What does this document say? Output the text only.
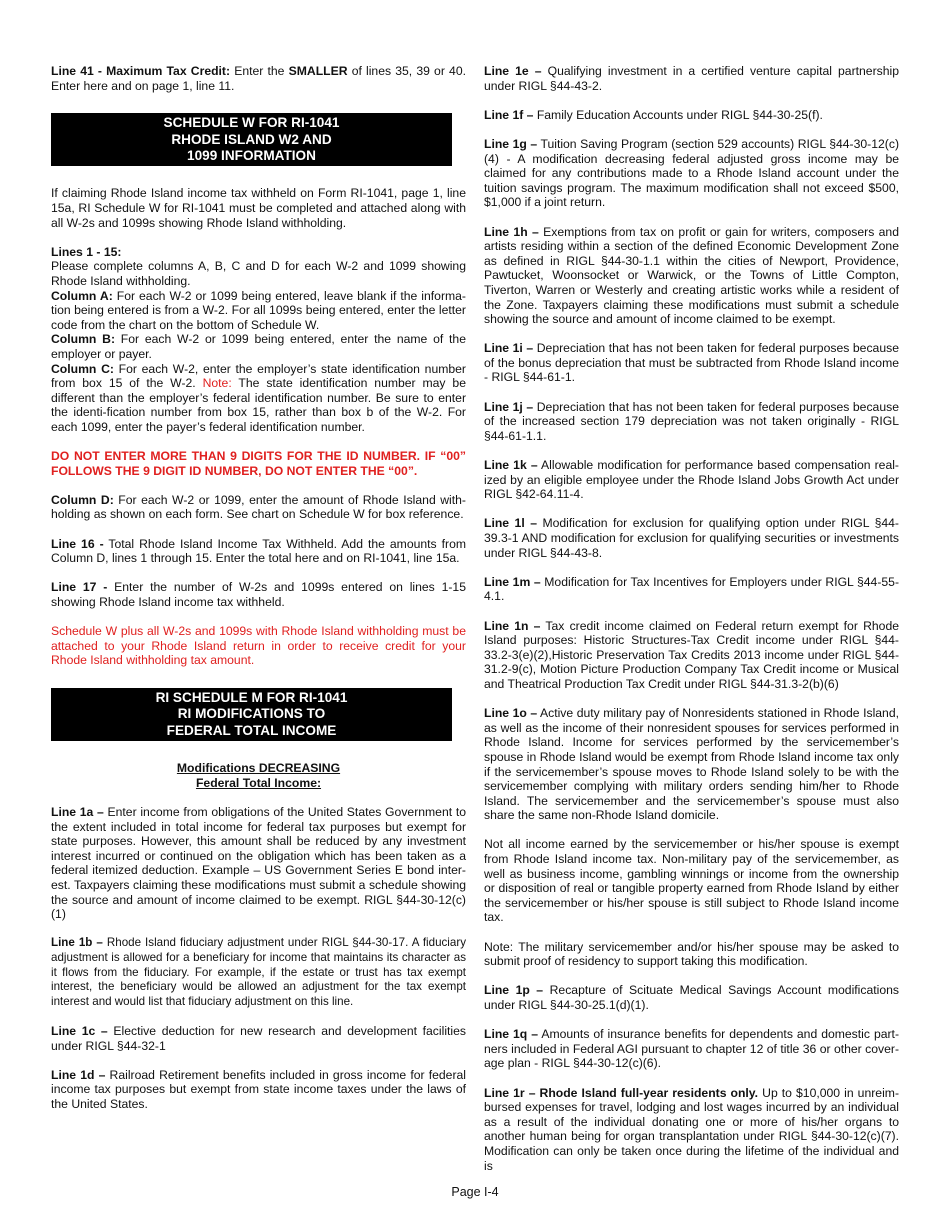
Line 41 - Maximum Tax Credit: Enter the SMALLER of lines 35, 39 or 40. Enter here and on page 1, line 11.

SCHEDULE W FOR RI-1041
RHODE ISLAND W2 AND
1099 INFORMATION

If claiming Rhode Island income tax withheld on Form RI-1041, page 1, line 15a, RI Schedule W for RI-1041 must be completed and attached along with all W-2s and 1099s showing Rhode Island withholding.

Lines 1 - 15:

Please complete columns A, B, C and D for each W-2 and 1099 showing Rhode Island withholding.

Column A: For each W-2 or 1099 being entered, leave blank if the informa-tion being entered is from a W-2. For all 1099s being entered, enter the letter code from the chart on the bottom of Schedule W.

Column B: For each W-2 or 1099 being entered, enter the name of the employer or payer.

Column C: For each W-2, enter the employer’s state identification number from box 15 of the W-2. Note: The state identification number may be different than the employer’s federal identification number. Be sure to enter the identi-fication number from box 15, rather than box b of the W-2. For each 1099, enter the payer’s federal identification number.

DO NOT ENTER MORE THAN 9 DIGITS FOR THE ID NUMBER. IF “00” FOLLOWS THE 9 DIGIT ID NUMBER, DO NOT ENTER THE “00”.

Column D: For each W-2 or 1099, enter the amount of Rhode Island with-holding as shown on each form. See chart on Schedule W for box reference.

Line 16 - Total Rhode Island Income Tax Withheld. Add the amounts from Column D, lines 1 through 15. Enter the total here and on RI-1041, line 15a.

Line 17 - Enter the number of W-2s and 1099s entered on lines 1-15 showing Rhode Island income tax withheld.

Schedule W plus all W-2s and 1099s with Rhode Island withholding must be attached to your Rhode Island return in order to receive credit for your Rhode Island withholding tax amount.

RI SCHEDULE M FOR RI-1041
RI MODIFICATIONS TO
FEDERAL TOTAL INCOME
Modifications DECREASING
Federal Total Income:

Line 1a – Enter income from obligations of the United States Government to the extent included in total income for federal tax purposes but exempt for state purposes. However, this amount shall be reduced by any investment interest incurred or continued on the obligation which has been taken as a federal itemized deduction. Example – US Government Series E bond inter-est. Taxpayers claiming these modifications must submit a schedule showing the source and amount of income claimed to be exempt. RIGL §44-30-12(c)(1)

Line 1b – Rhode Island fiduciary adjustment under RIGL §44-30-17. A fiduciary adjustment is allowed for a beneficiary for income that maintains its character as it flows from the fiduciary. For example, if the estate or trust has tax exempt interest, the beneficiary would be allowed an adjustment for the tax exempt interest and would list that fiduciary adjustment on this line.

Line 1c – Elective deduction for new research and development facilities under RIGL §44-32-1

Line 1d – Railroad Retirement benefits included in gross income for federal income tax purposes but exempt from state income taxes under the laws of the United States.

Line 1e – Qualifying investment in a certified venture capital partnership under RIGL §44-43-2.

Line 1f – Family Education Accounts under RIGL §44-30-25(f).

Line 1g – Tuition Saving Program (section 529 accounts) RIGL §44-30-12(c)(4) - A modification decreasing federal adjusted gross income may be claimed for any contributions made to a Rhode Island account under the tuition savings program. The maximum modification shall not exceed $500, $1,000 if a joint return.

Line 1h – Exemptions from tax on profit or gain for writers, composers and artists residing within a section of the defined Economic Development Zone as defined in RIGL §44-30-1.1 within the cities of Newport, Providence, Pawtucket, Woonsocket or Warwick, or the Towns of Little Compton, Tiverton, Warren or Westerly and creating artistic works while a resident of the Zone. Taxpayers claiming these modifications must submit a schedule showing the source and amount of income claimed to be exempt.

Line 1i – Depreciation that has not been taken for federal purposes because of the bonus depreciation that must be subtracted from Rhode Island income - RIGL §44-61-1.

Line 1j – Depreciation that has not been taken for federal purposes because of the increased section 179 depreciation was not taken originally - RIGL §44-61-1.1.

Line 1k – Allowable modification for performance based compensation real-ized by an eligible employee under the Rhode Island Jobs Growth Act under RIGL §42-64.11-4.

Line 1l – Modification for exclusion for qualifying option under RIGL §44-39.3-1 AND modification for exclusion for qualifying securities or investments under RIGL §44-43-8.

Line 1m – Modification for Tax Incentives for Employers under RIGL §44-55-4.1.

Line 1n – Tax credit income claimed on Federal return exempt for Rhode Island purposes: Historic Structures-Tax Credit income under RIGL §44-33.2-3(e)(2),Historic Preservation Tax Credits 2013 income under RIGL §44-31.2-9(c), Motion Picture Production Company Tax Credit income or Musical and Theatrical Production Tax Credit under RIGL §44-31.3-2(b)(6)

Line 1o – Active duty military pay of Nonresidents stationed in Rhode Island, as well as the income of their nonresident spouses for services performed in Rhode Island. Income for services performed by the servicemember’s spouse in Rhode Island would be exempt from Rhode Island income tax only if the servicemember’s spouse moves to Rhode Island solely to be with the servicemember complying with military orders sending him/her to Rhode Island. The servicemember and the servicemember’s spouse must also share the same non-Rhode Island domicile.

Not all income earned by the servicemember or his/her spouse is exempt from Rhode Island income tax. Non-military pay of the servicemember, as well as business income, gambling winnings or income from the ownership or disposition of real or tangible property earned from Rhode Island by either the servicemember or his/her spouse is still subject to Rhode Island income tax.

Note: The military servicemember and/or his/her spouse may be asked to submit proof of residency to support taking this modification.

Line 1p – Recapture of Scituate Medical Savings Account modifications under RIGL §44-30-25.1(d)(1).

Line 1q – Amounts of insurance benefits for dependents and domestic part-ners included in Federal AGI pursuant to chapter 12 of title 36 or other cover-age plan - RIGL §44-30-12(c)(6).

Line 1r – Rhode Island full-year residents only. Up to $10,000 in unreim-bursed expenses for travel, lodging and lost wages incurred by an individual as a result of the individual donating one or more of his/her organs to another human being for organ transplantation under RIGL §44-30-12(c)(7). Modification can only be taken once during the lifetime of the individual and is

Page I-4
